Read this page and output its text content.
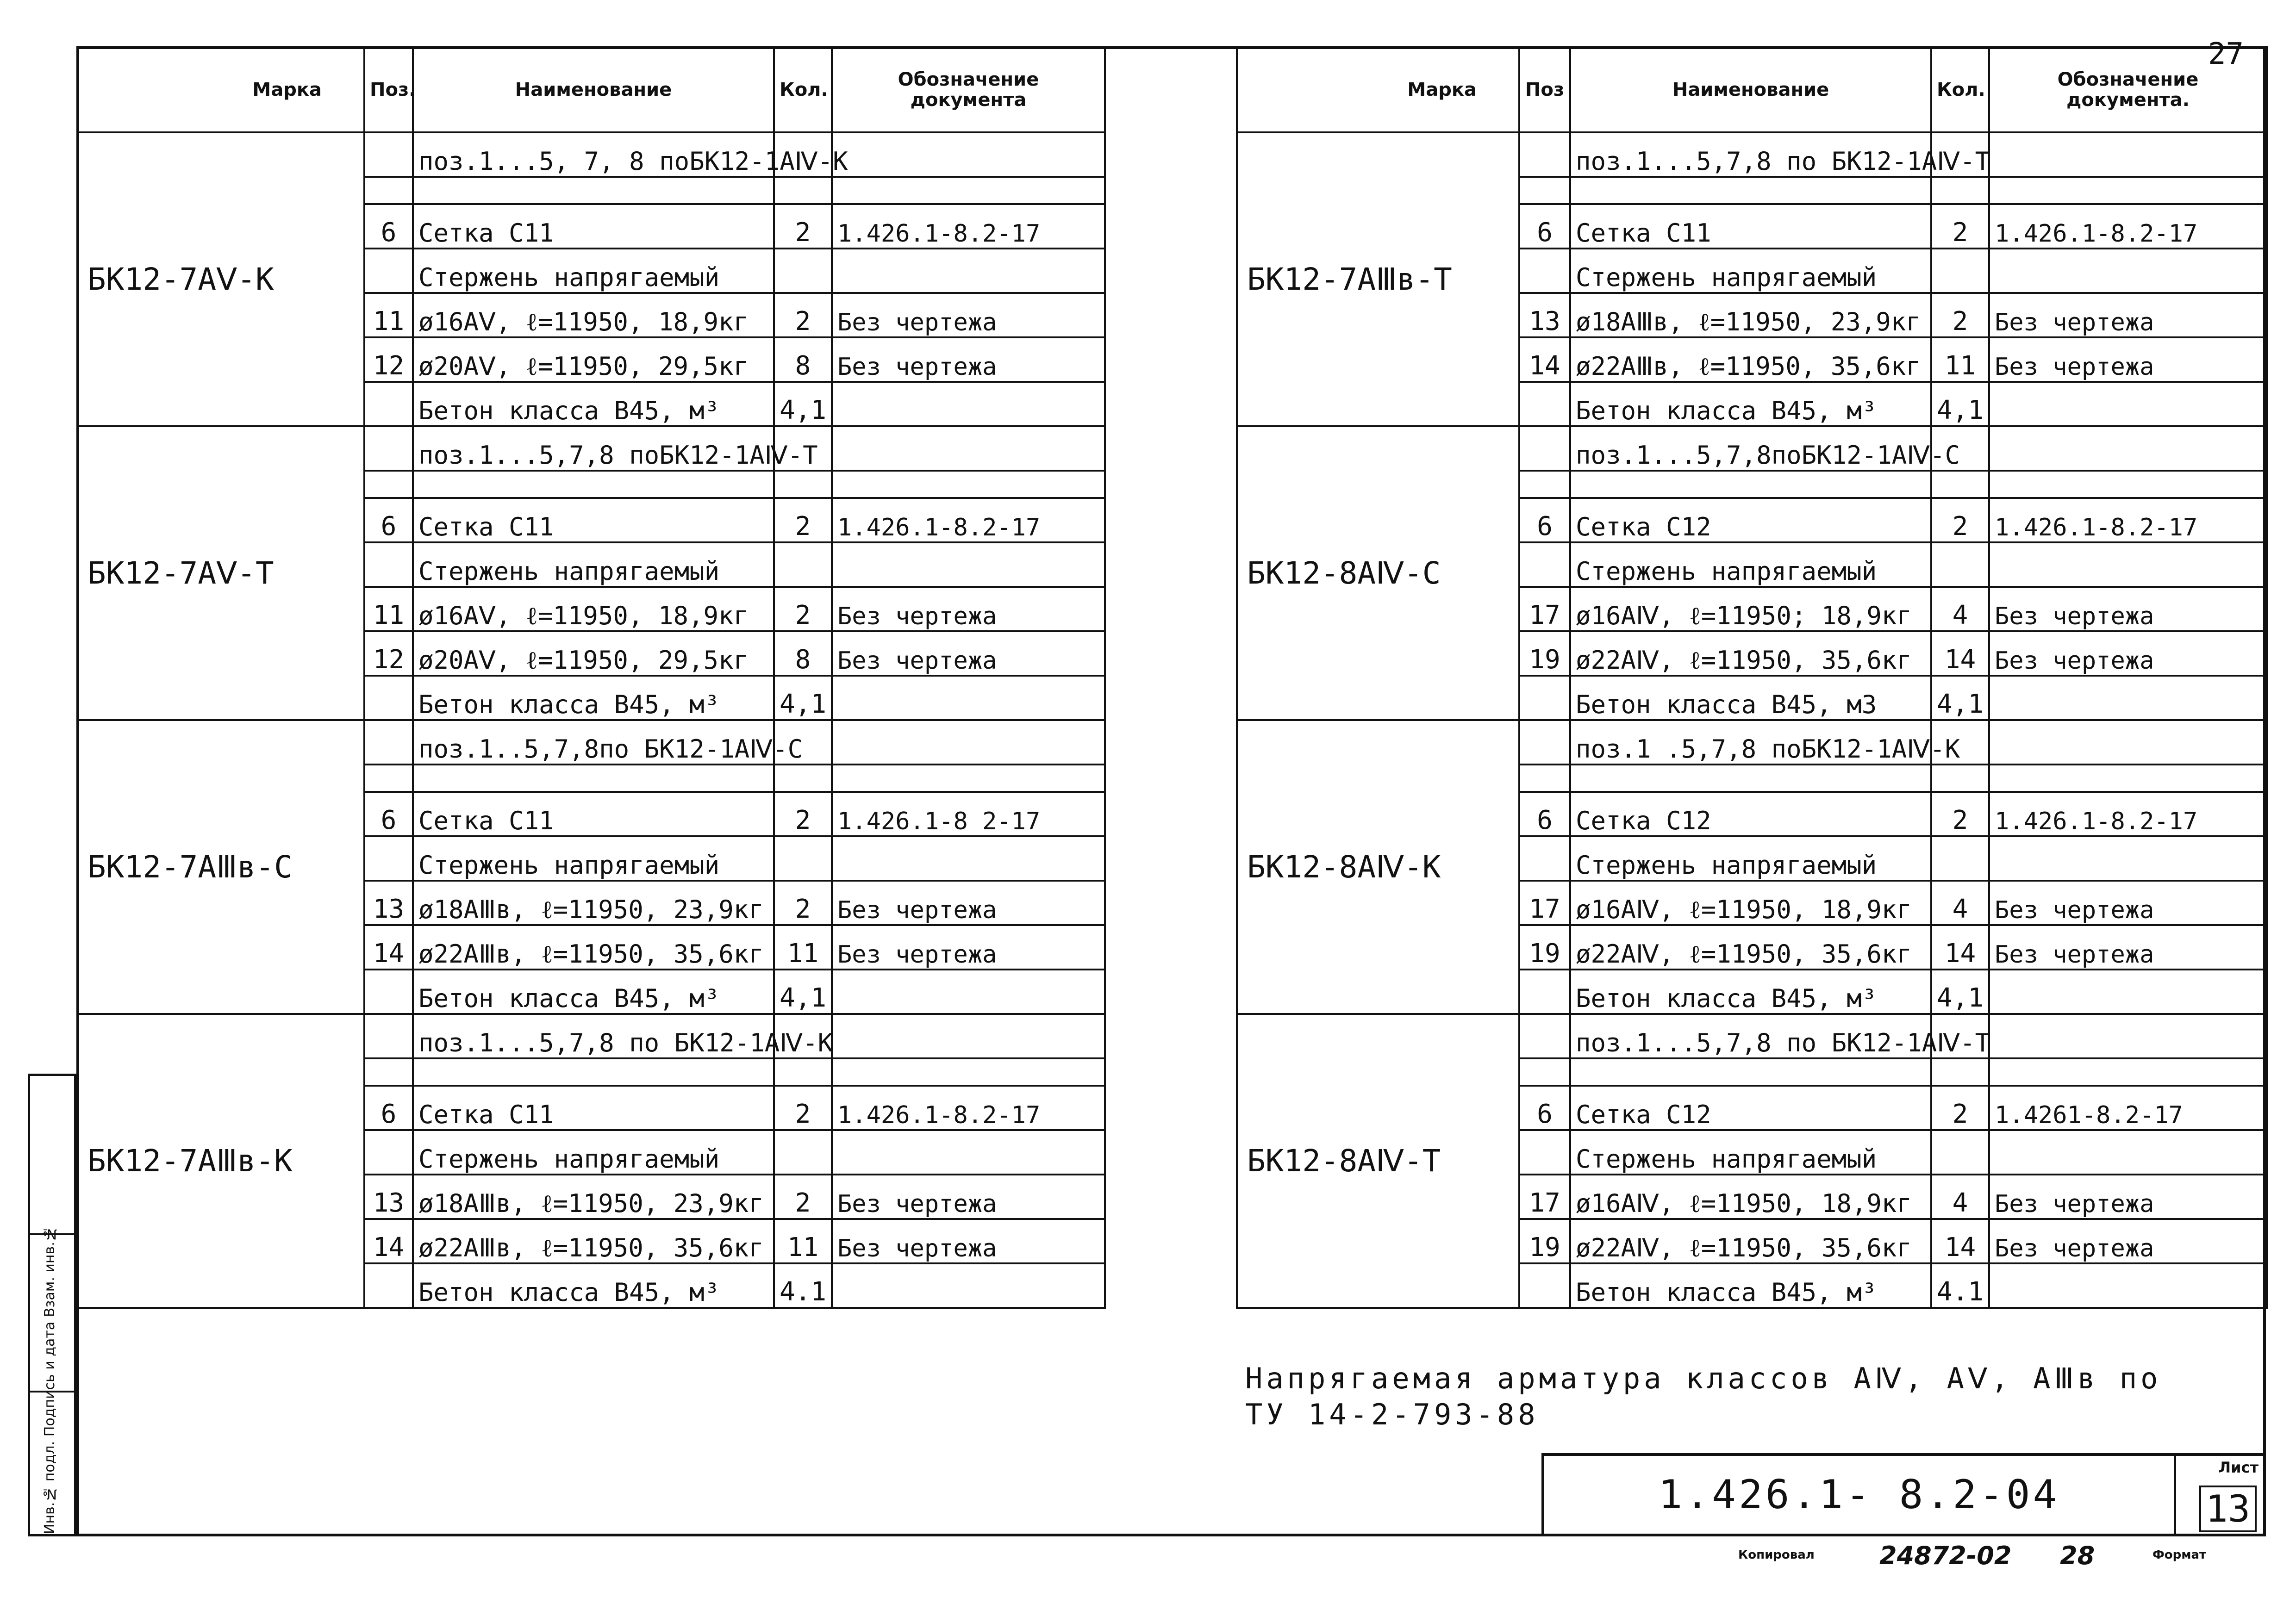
27
Марка	Поз.	Наименование	Кол.	Обозначение документа
БК12-7АⅤ-К		поз.1...5, 7, 8 поБК12-1АⅣ-К		

	6	Сетка С11	2	1.426.1-8.2-17
		Стержень напрягаемый		
	11	ø16АⅤ, ℓ=11950, 18,9кг	2	Без чертежа
	12	ø20АⅤ, ℓ=11950, 29,5кг	8	Без чертежа
		Бетон класса В45, м³	4,1	
БК12-7АⅤ-Т		поз.1...5,7,8 поБК12-1АⅣ-Т		

	6	Сетка С11	2	1.426.1-8.2-17
		Стержень напрягаемый		
	11	ø16АⅤ, ℓ=11950, 18,9кг	2	Без чертежа
	12	ø20АⅤ, ℓ=11950, 29,5кг	8	Без чертежа
		Бетон класса В45, м³	4,1	
БК12-7АⅢв-С		поз.1..5,7,8по БК12-1АⅣ-С		

	6	Сетка С11	2	1.426.1-8 2-17
		Стержень напрягаемый		
	13	ø18АⅢв, ℓ=11950, 23,9кг	2	Без чертежа
	14	ø22АⅢв, ℓ=11950, 35,6кг	11	Без чертежа
		Бетон класса В45, м³	4,1	
БК12-7АⅢв-К		поз.1...5,7,8 по БК12-1АⅣ-К		

	6	Сетка С11	2	1.426.1-8.2-17
		Стержень напрягаемый		
	13	ø18АⅢв, ℓ=11950, 23,9кг	2	Без чертежа
	14	ø22АⅢв, ℓ=11950, 35,6кг	11	Без чертежа
		Бетон класса В45, м³	4.1	
Марка	Поз	Наименование	Кол.	Обозначение документа.
БК12-7АⅢв-Т		поз.1...5,7,8 по БК12-1АⅣ-Т		

	6	Сетка С11	2	1.426.1-8.2-17
		Стержень напрягаемый		
	13	ø18АⅢв, ℓ=11950, 23,9кг	2	Без чертежа
	14	ø22АⅢв, ℓ=11950, 35,6кг	11	Без чертежа
		Бетон класса В45, м³	4,1	
БК12-8АⅣ-С		поз.1...5,7,8поБК12-1АⅣ-С		

	6	Сетка С12	2	1.426.1-8.2-17
		Стержень напрягаемый		
	17	ø16АⅣ, ℓ=11950; 18,9кг	4	Без чертежа
	19	ø22АⅣ, ℓ=11950, 35,6кг	14	Без чертежа
		Бетон класса В45, м3	4,1	
БК12-8АⅣ-К		поз.1 .5,7,8 поБК12-1АⅣ-К		

	6	Сетка С12	2	1.426.1-8.2-17
		Стержень напрягаемый		
	17	ø16АⅣ, ℓ=11950, 18,9кг	4	Без чертежа
	19	ø22АⅣ, ℓ=11950, 35,6кг	14	Без чертежа
		Бетон класса В45, м³	4,1	
БК12-8АⅣ-Т		поз.1...5,7,8 по БК12-1АⅣ-Т		

	6	Сетка С12	2	1.4261-8.2-17
		Стержень напрягаемый		
	17	ø16АⅣ, ℓ=11950, 18,9кг	4	Без чертежа
	19	ø22АⅣ, ℓ=11950, 35,6кг	14	Без чертежа
		Бетон класса В45, м³	4.1	
Напрягаемая арматура классов АⅣ, АⅤ, АⅢв по
ТУ 14-2-793-88
1.426.1- 8.2-04
Лист
13
Инв.№ подл. Подпись и дата Взам. инв.№
Копировал	24872-02 28	Формат
